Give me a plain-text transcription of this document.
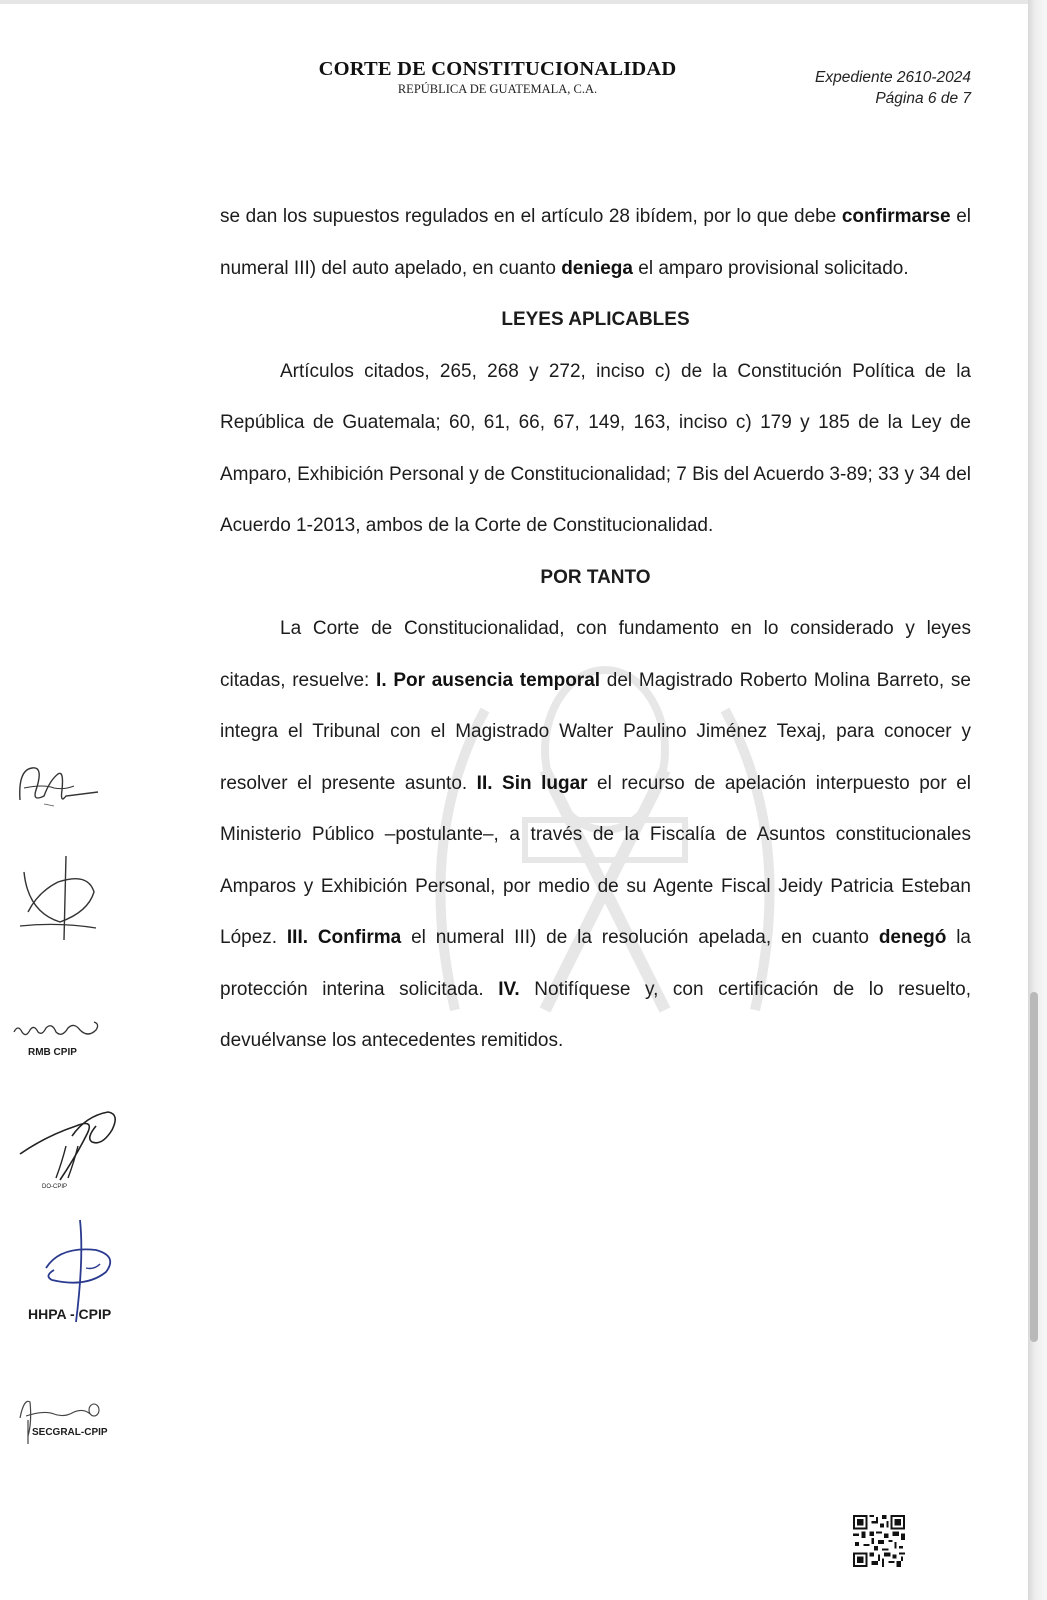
CORTE DE CONSTITUCIONALIDAD
REPÚBLICA DE GUATEMALA, C.A.
Expediente 2610-2024
Página 6 de 7

se dan los supuestos regulados en el artículo 28 ibídem, por lo que debe confirmarse el numeral III) del auto apelado, en cuanto deniega el amparo provisional solicitado.

LEYES APLICABLES

Artículos citados, 265, 268 y 272, inciso c) de la Constitución Política de la República de Guatemala; 60, 61, 66, 67, 149, 163, inciso c) 179 y 185 de la Ley de Amparo, Exhibición Personal y de Constitucionalidad; 7 Bis del Acuerdo 3-89; 33 y 34 del Acuerdo 1-2013, ambos de la Corte de Constitucionalidad.

POR TANTO

La Corte de Constitucionalidad, con fundamento en lo considerado y leyes citadas, resuelve: I. Por ausencia temporal del Magistrado Roberto Molina Barreto, se integra el Tribunal con el Magistrado Walter Paulino Jiménez Texaj, para conocer y resolver el presente asunto. II. Sin lugar el recurso de apelación interpuesto por el Ministerio Público –postulante–, a través de la Fiscalía de Asuntos constitucionales Amparos y Exhibición Personal, por medio de su Agente Fiscal Jeidy Patricia Esteban López. III. Confirma el numeral III) de la resolución apelada, en cuanto denegó la protección interina solicitada. IV. Notifíquese y, con certificación de lo resuelto, devuélvanse los antecedentes remitidos.

RMB CPIP
DO-CPIP
HHPA - CPIP
SECGRAL-CPIP
